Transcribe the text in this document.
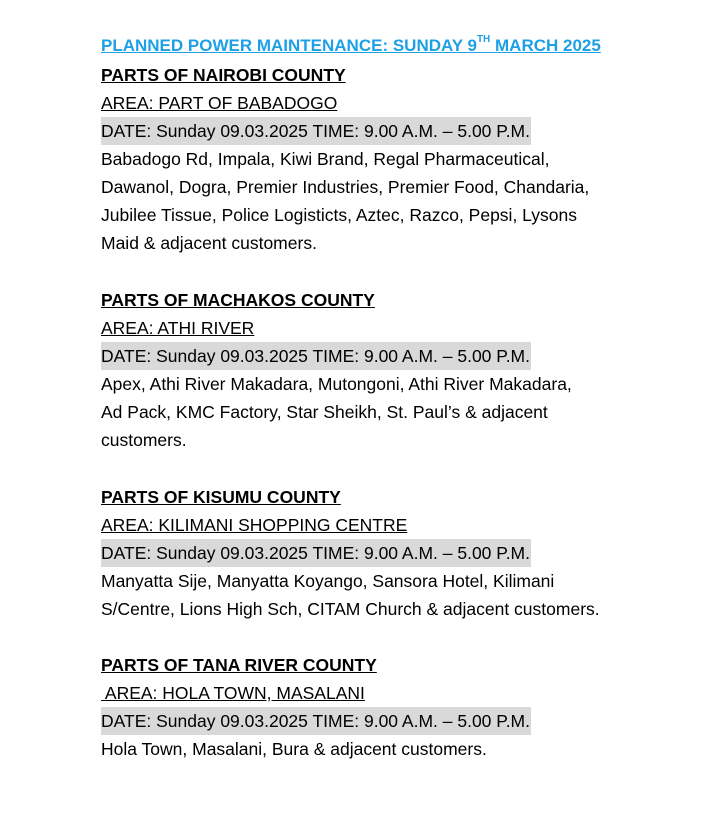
PLANNED POWER MAINTENANCE: SUNDAY 9TH MARCH 2025
PARTS OF NAIROBI COUNTY
AREA: PART OF BABADOGO
DATE: Sunday 09.03.2025 TIME: 9.00 A.M. – 5.00 P.M.
Babadogo Rd, Impala, Kiwi Brand, Regal Pharmaceutical,
Dawanol, Dogra, Premier Industries, Premier Food, Chandaria,
Jubilee Tissue, Police Logisticts, Aztec, Razco, Pepsi, Lysons
Maid & adjacent customers.
PARTS OF MACHAKOS COUNTY
AREA: ATHI RIVER
DATE: Sunday 09.03.2025 TIME: 9.00 A.M. – 5.00 P.M.
Apex, Athi River Makadara, Mutongoni, Athi River Makadara,
Ad Pack, KMC Factory, Star Sheikh, St. Paul’s & adjacent
customers.
PARTS OF KISUMU COUNTY
AREA: KILIMANI SHOPPING CENTRE
DATE: Sunday 09.03.2025 TIME: 9.00 A.M. – 5.00 P.M.
Manyatta Sije, Manyatta Koyango, Sansora Hotel, Kilimani
S/Centre, Lions High Sch, CITAM Church & adjacent customers.
PARTS OF TANA RIVER COUNTY
AREA: HOLA TOWN, MASALANI
DATE: Sunday 09.03.2025 TIME: 9.00 A.M. – 5.00 P.M.
Hola Town, Masalani, Bura & adjacent customers.
